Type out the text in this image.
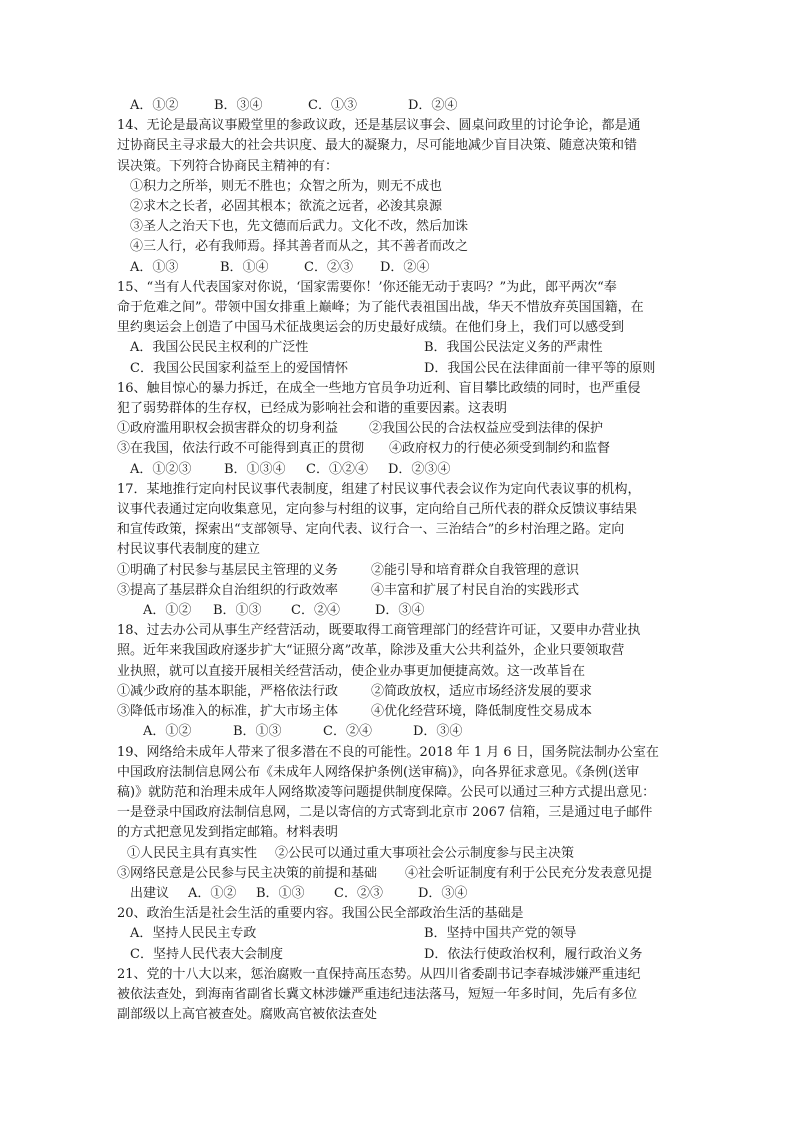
A．①②	B．③④	C．①③	D．②④
14、无论是最高议事殿堂里的参政议政，还是基层议事会、圆桌问政里的讨论争论，都是通
过协商民主寻求最大的社会共识度、最大的凝聚力，尽可能地减少盲目决策、随意决策和错
误决策。下列符合协商民主精神的有：
①积力之所举，则无不胜也；众智之所为，则无不成也
②求木之长者，必固其根本；欲流之远者，必浚其泉源
③圣人之治天下也，先文德而后武力。文化不改，然后加诛
④三人行，必有我师焉。择其善者而从之，其不善者而改之
A．①③	B．①④	C．②③ D．②④
15、“当有人代表国家对你说，‘国家需要你！’你还能无动于衷吗？”为此，郎平两次“奉
命于危难之间”。带领中国女排重上巅峰；为了能代表祖国出战，华天不惜放弃英国国籍，在
里约奥运会上创造了中国马术征战奥运会的历史最好成绩。在他们身上，我们可以感受到
A．我国公民民主权利的广泛性	B．我国公民法定义务的严肃性
C．我国公民国家利益至上的爱国情怀	D．我国公民在法律面前一律平等的原则
16、触目惊心的暴力拆迁，在成全一些地方官员争功近利、盲目攀比政绩的同时，也严重侵
犯了弱势群体的生存权，已经成为影响社会和谐的重要因素。这表明
①政府滥用职权会损害群众的切身利益 ②我国公民的合法权益应受到法律的保护
③在我国，依法行政不可能得到真正的贯彻 ④政府权力的行使必须受到制约和监督
A．①②③	B．①③④ C．①②④ D．②③④
17．某地推行定向村民议事代表制度，组建了村民议事代表会议作为定向代表议事的机构，
议事代表通过定向收集意见，定向参与村组的议事，定向给自己所代表的群众反馈议事结果
和宣传政策，探索出“支部领导、定向代表、议行合一、三治结合”的乡村治理之路。定向
村民议事代表制度的建立
①明确了村民参与基层民主管理的义务	②能引导和培育群众自我管理的意识
③提高了基层群众自治组织的行政效率	④丰富和扩展了村民自治的实践形式
A．①② B．①③ C．②④	D．③④
18、过去办公司从事生产经营活动，既要取得工商管理部门的经营许可证，又要申办营业执
照。近年来我国政府逐步扩大“证照分离”改革，除涉及重大公共利益外，企业只要领取营
业执照，就可以直接开展相关经营活动，使企业办事更加便捷高效。这一改革旨在
①减少政府的基本职能，严格依法行政	②简政放权，适应市场经济发展的要求
③降低市场准入的标准，扩大市场主体	④优化经营环境，降低制度性交易成本
A．①②	B．①③	C．②④	D．③④
19、网络给未成年人带来了很多潜在不良的可能性。2018 年 1 月 6 日，国务院法制办公室在
中国政府法制信息网公布《未成年人网络保护条例(送审稿)》，向各界征求意见。《条例(送审
稿)》就防范和治理未成年人网络欺凌等问题提供制度保障。公民可以通过三种方式提出意见：
一是登录中国政府法制信息网，二是以寄信的方式寄到北京市 2067 信箱，三是通过电子邮件
的方式把意见发到指定邮箱。材料表明
①人民民主具有真实性 ②公民可以通过重大事项社会公示制度参与民主决策
③网络民意是公民参与民主决策的前提和基础 ④社会听证制度有利于公民充分发表意见提
出建议 A．①② B．①③ C．②③	D．③④
20、政治生活是社会生活的重要内容。我国公民全部政治生活的基础是
A．坚持人民民主专政	B．坚持中国共产党的领导
C．坚持人民代表大会制度	D．依法行使政治权利，履行政治义务
21、党的十八大以来，惩治腐败一直保持高压态势。从四川省委副书记李春城涉嫌严重违纪
被依法查处，到海南省副省长冀文林涉嫌严重违纪违法落马，短短一年多时间，先后有多位
副部级以上高官被查处。腐败高官被依法查处
